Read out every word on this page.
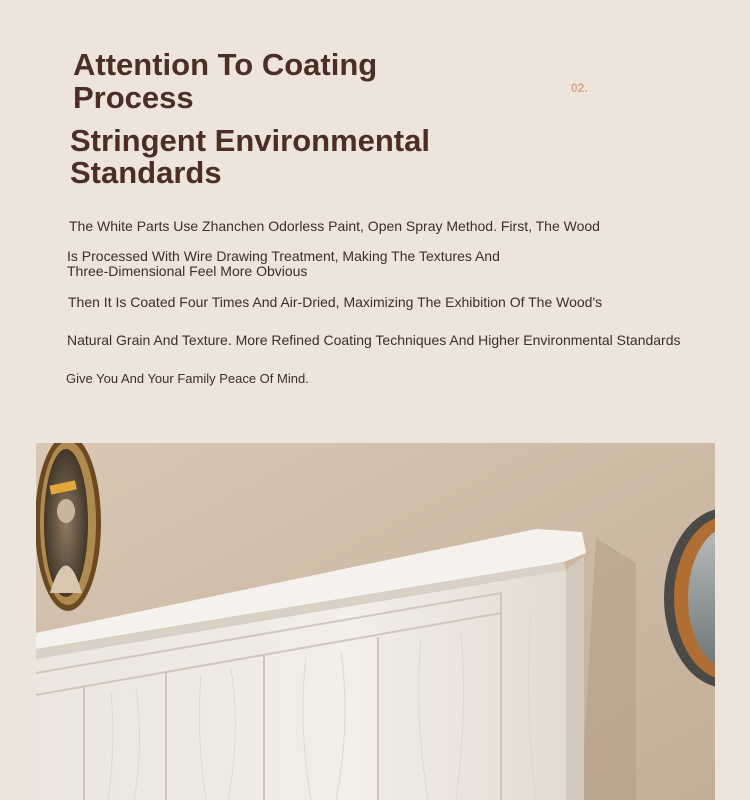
Attention To Coating Process	02.
Stringent Environmental Standards

The White Parts Use Zhanchen Odorless Paint, Open Spray Method. First, The Wood

Is Processed With Wire Drawing Treatment, Making The Textures And

Three-Dimensional Feel More Obvious

Then It Is Coated Four Times And Air-Dried, Maximizing The Exhibition Of The Wood's

Natural Grain And Texture. More Refined Coating Techniques And Higher Environmental Standards

Give You And Your Family Peace Of Mind.
